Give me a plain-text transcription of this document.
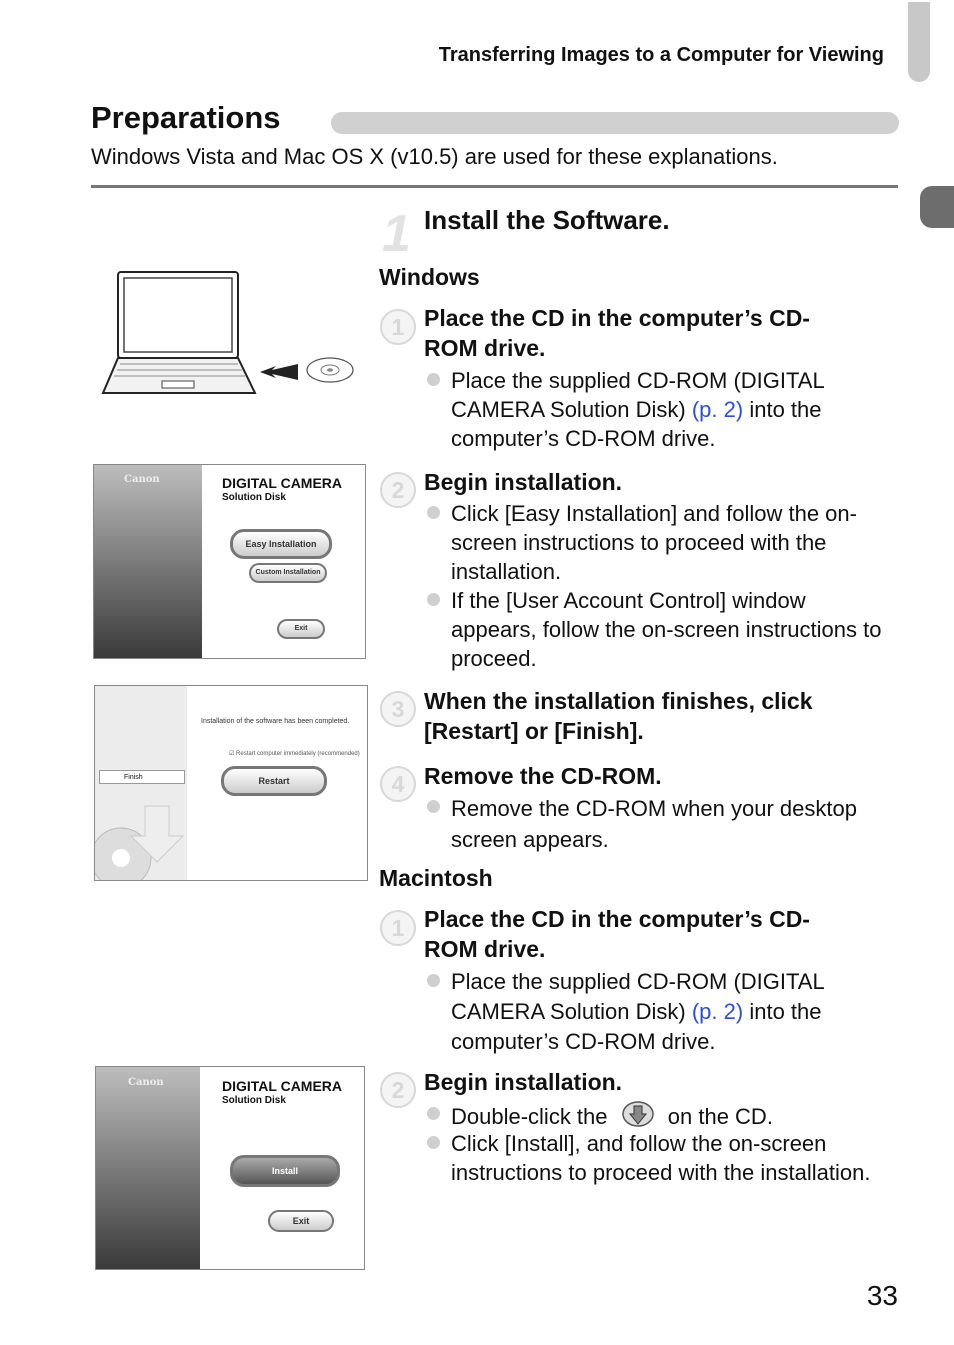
Transferring Images to a Computer for Viewing
Preparations
Windows Vista and Mac OS X (v10.5) are used for these explanations.
1 Install the Software.
Windows
1 Place the CD in the computer’s CD-
ROM drive.
Place the supplied CD-ROM (DIGITAL CAMERA Solution Disk) (p. 2) into the computer’s CD-ROM drive.
2 Begin installation.
Click [Easy Installation] and follow the on-screen instructions to proceed with the installation.
If the [User Account Control] window appears, follow the on-screen instructions to proceed.
3 When the installation finishes, click
[Restart] or [Finish].
4 Remove the CD-ROM.
Remove the CD-ROM when your desktop screen appears.
Macintosh
1 Place the CD in the computer’s CD-
ROM drive.
Place the supplied CD-ROM (DIGITAL CAMERA Solution Disk) (p. 2) into the computer’s CD-ROM drive.
2 Begin installation.
Double-click the	on the CD.
Click [Install], and follow the on-screen instructions to proceed with the installation.
Canon	DIGITAL CAMERA
Solution Disk
Easy Installation
Custom Installation
Exit
Finish
Installation of the software has been completed.
☑ Restart computer immediately (recommended)
Restart
Canon	DIGITAL CAMERA
Solution Disk
Install
Exit
33
